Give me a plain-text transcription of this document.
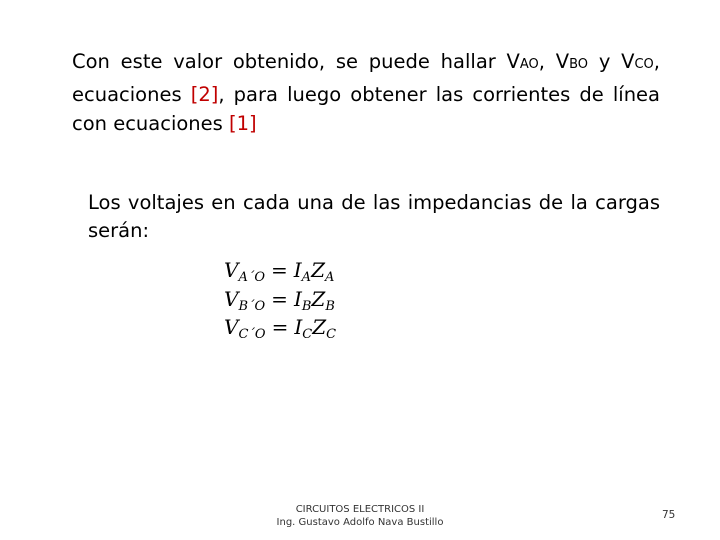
Con este valor obtenido, se puede hallar VAO, VBO y VCO, ecuaciones [2], para luego obtener las corrientes de línea con ecuaciones [1]
Los voltajes en cada una de las impedancias de la cargas serán:
$V_{A´O} = I_AZ_A$
$V_{B´O} = I_BZ_B$
$V_{C´O} = I_CZ_C$
CIRCUITOS ELECTRICOS II
Ing. Gustavo Adolfo Nava Bustillo
75
